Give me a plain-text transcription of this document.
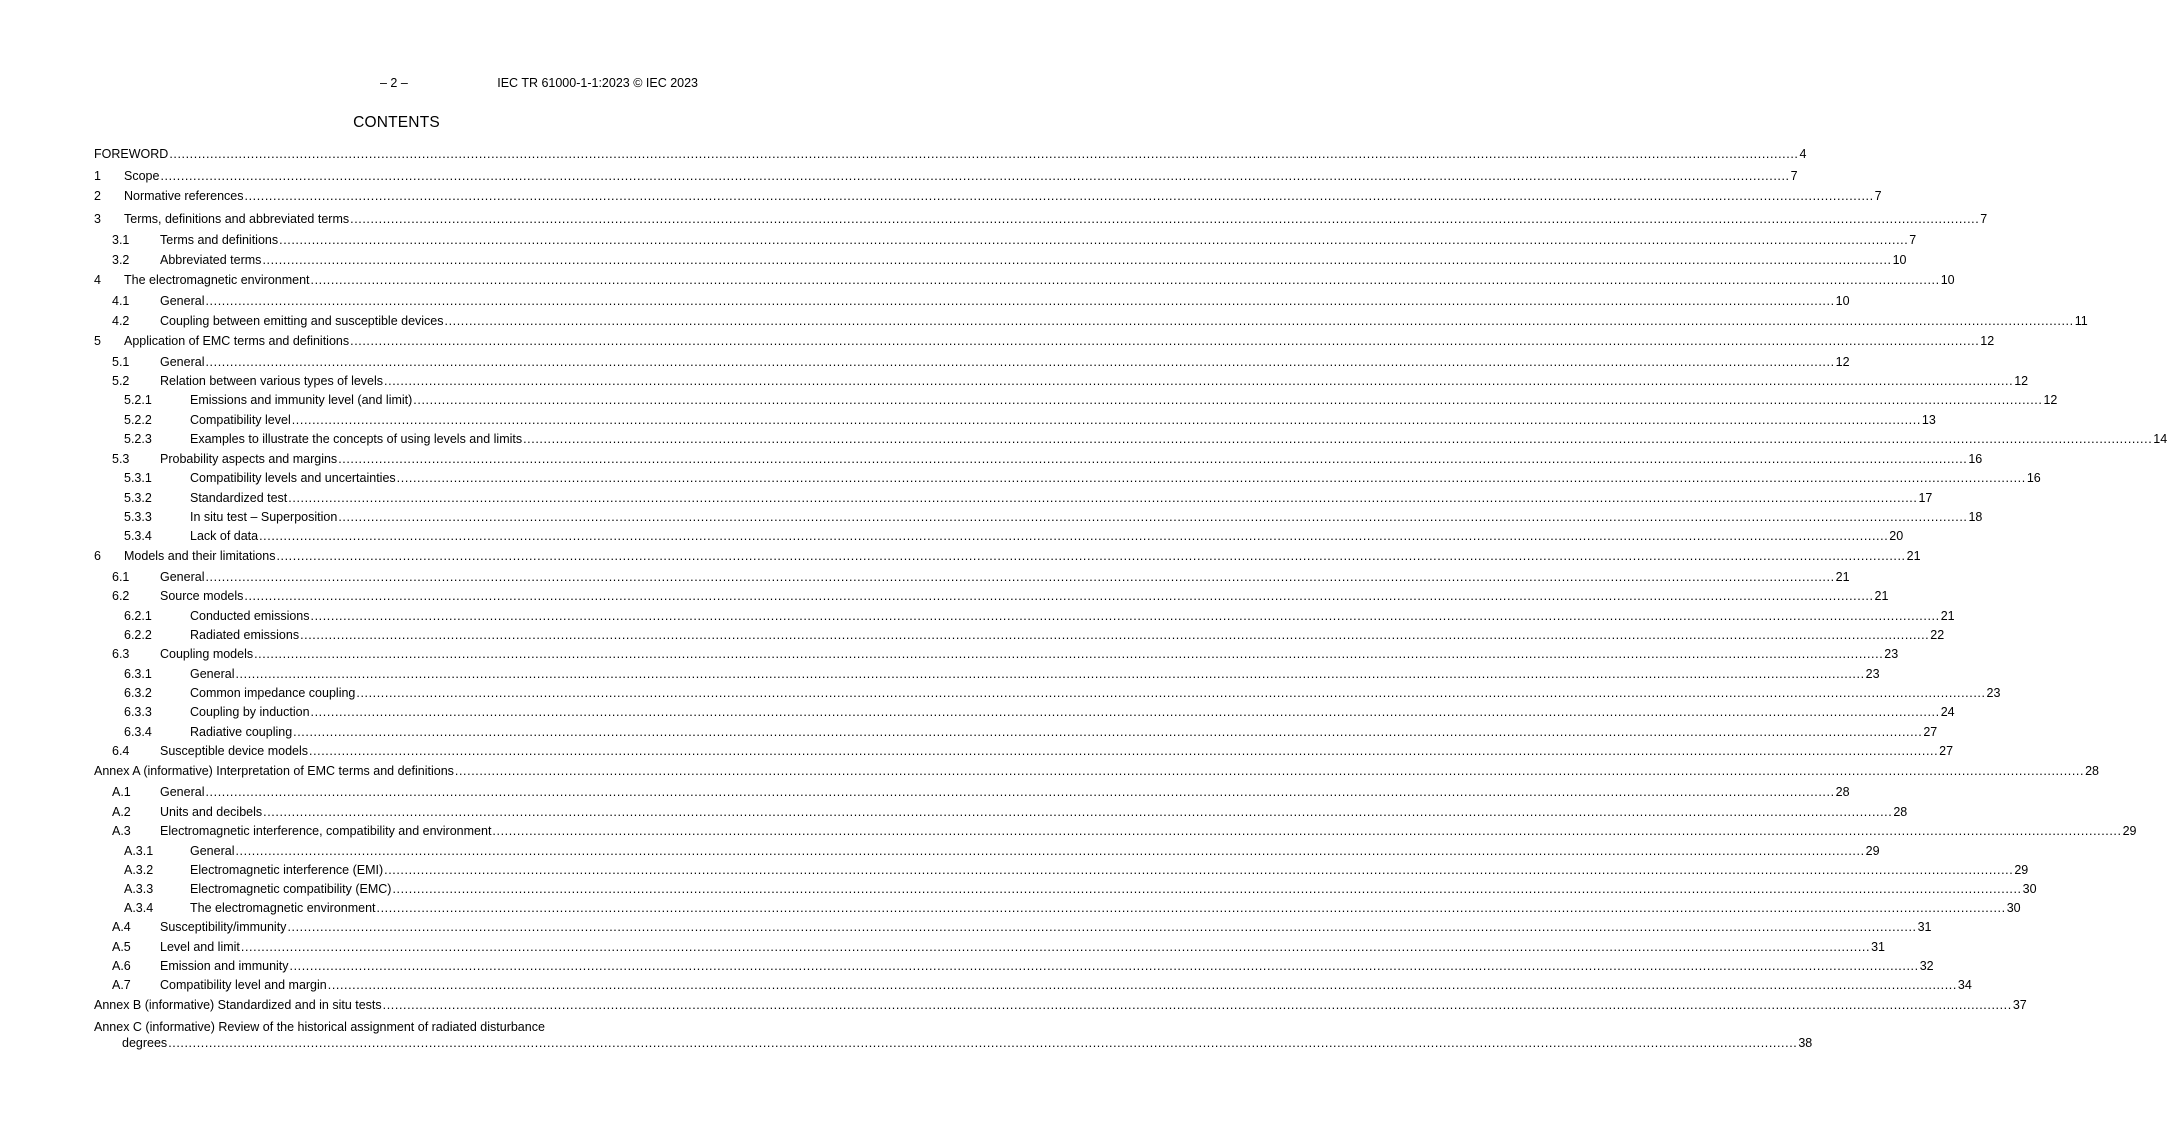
– 2 –	IEC TR 61000-1-1:2023 © IEC 2023
CONTENTS
FOREWORD ................................................................................................................................................................................................................................................................................................................................................................................................................ 4
1	Scope ................................................................................................................................................................................................................................................................................................................................................................................................................ 7
2	Normative references ................................................................................................................................................................................................................................................................................................................................................................................................................ 7
3	Terms, definitions and abbreviated terms ................................................................................................................................................................................................................................................................................................................................................................................................................ 7
3.1	Terms and definitions ................................................................................................................................................................................................................................................................................................................................................................................................................ 7
3.2	Abbreviated terms ................................................................................................................................................................................................................................................................................................................................................................................................................ 10
4	The electromagnetic environment ................................................................................................................................................................................................................................................................................................................................................................................................................ 10
4.1	General ................................................................................................................................................................................................................................................................................................................................................................................................................ 10
4.2	Coupling between emitting and susceptible devices ................................................................................................................................................................................................................................................................................................................................................................................................................ 11
5	Application of EMC terms and definitions ................................................................................................................................................................................................................................................................................................................................................................................................................ 12
5.1	General ................................................................................................................................................................................................................................................................................................................................................................................................................ 12
5.2	Relation between various types of levels ................................................................................................................................................................................................................................................................................................................................................................................................................ 12
5.2.1	Emissions and immunity level (and limit) ................................................................................................................................................................................................................................................................................................................................................................................................................ 12
5.2.2	Compatibility level ................................................................................................................................................................................................................................................................................................................................................................................................................ 13
5.2.3	Examples to illustrate the concepts of using levels and limits ................................................................................................................................................................................................................................................................................................................................................................................................................ 14
5.3	Probability aspects and margins ................................................................................................................................................................................................................................................................................................................................................................................................................ 16
5.3.1	Compatibility levels and uncertainties ................................................................................................................................................................................................................................................................................................................................................................................................................ 16
5.3.2	Standardized test ................................................................................................................................................................................................................................................................................................................................................................................................................ 17
5.3.3	In situ test – Superposition ................................................................................................................................................................................................................................................................................................................................................................................................................ 18
5.3.4	Lack of data ................................................................................................................................................................................................................................................................................................................................................................................................................ 20
6	Models and their limitations ................................................................................................................................................................................................................................................................................................................................................................................................................ 21
6.1	General ................................................................................................................................................................................................................................................................................................................................................................................................................ 21
6.2	Source models ................................................................................................................................................................................................................................................................................................................................................................................................................ 21
6.2.1	Conducted emissions ................................................................................................................................................................................................................................................................................................................................................................................................................ 21
6.2.2	Radiated emissions ................................................................................................................................................................................................................................................................................................................................................................................................................ 22
6.3	Coupling models ................................................................................................................................................................................................................................................................................................................................................................................................................ 23
6.3.1	General ................................................................................................................................................................................................................................................................................................................................................................................................................ 23
6.3.2	Common impedance coupling ................................................................................................................................................................................................................................................................................................................................................................................................................ 23
6.3.3	Coupling by induction ................................................................................................................................................................................................................................................................................................................................................................................................................ 24
6.3.4	Radiative coupling ................................................................................................................................................................................................................................................................................................................................................................................................................ 27
6.4	Susceptible device models ................................................................................................................................................................................................................................................................................................................................................................................................................ 27
Annex A (informative) Interpretation of EMC terms and definitions ................................................................................................................................................................................................................................................................................................................................................................................................................ 28
A.1	General ................................................................................................................................................................................................................................................................................................................................................................................................................ 28
A.2	Units and decibels ................................................................................................................................................................................................................................................................................................................................................................................................................ 28
A.3	Electromagnetic interference, compatibility and environment ................................................................................................................................................................................................................................................................................................................................................................................................................ 29
A.3.1	General ................................................................................................................................................................................................................................................................................................................................................................................................................ 29
A.3.2	Electromagnetic interference (EMI) ................................................................................................................................................................................................................................................................................................................................................................................................................ 29
A.3.3	Electromagnetic compatibility (EMC) ................................................................................................................................................................................................................................................................................................................................................................................................................ 30
A.3.4	The electromagnetic environment ................................................................................................................................................................................................................................................................................................................................................................................................................ 30
A.4	Susceptibility/immunity ................................................................................................................................................................................................................................................................................................................................................................................................................ 31
A.5	Level and limit ................................................................................................................................................................................................................................................................................................................................................................................................................ 31
A.6	Emission and immunity ................................................................................................................................................................................................................................................................................................................................................................................................................ 32
A.7	Compatibility level and margin ................................................................................................................................................................................................................................................................................................................................................................................................................ 34
Annex B (informative) Standardized and in situ tests ................................................................................................................................................................................................................................................................................................................................................................................................................ 37
Annex C (informative) Review of the historical assignment of radiated disturbance
degrees ................................................................................................................................................................................................................................................................................................................................................................................................................ 38
